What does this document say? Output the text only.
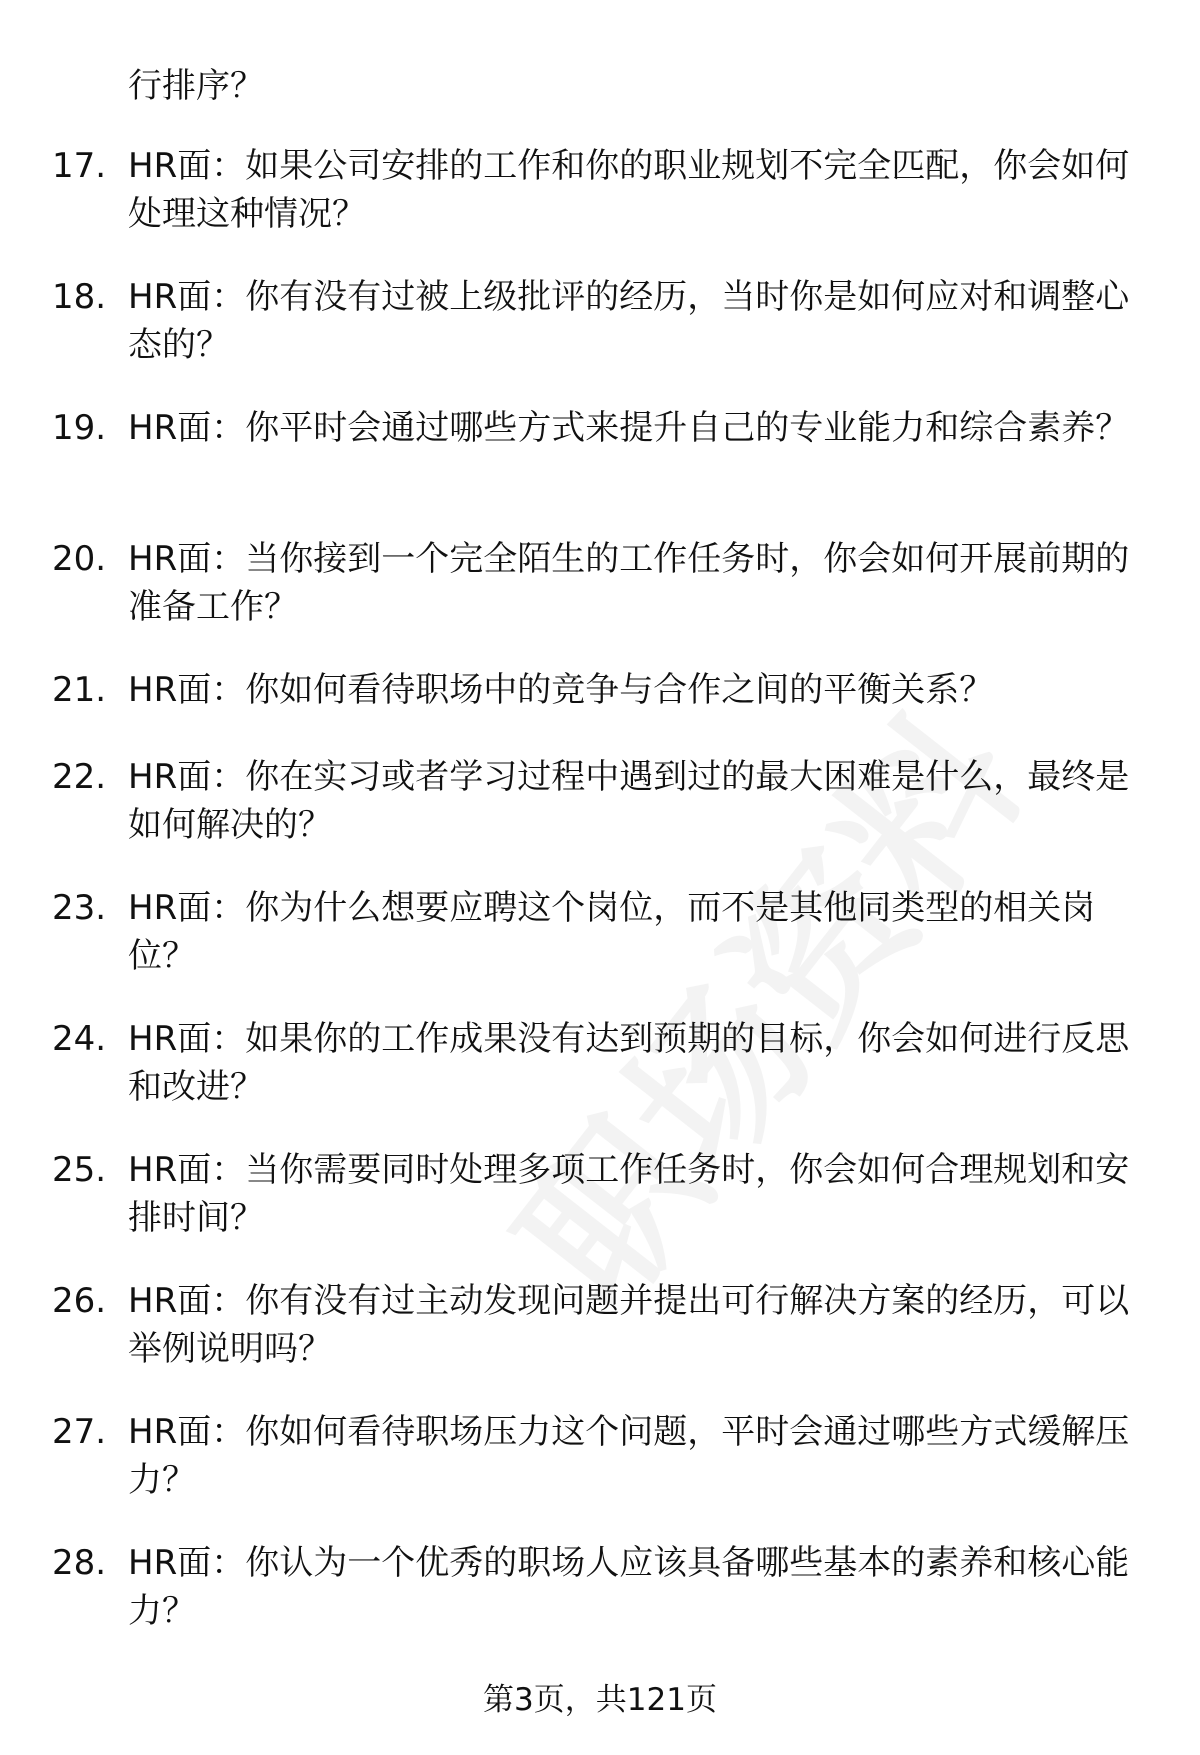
行排序？
17. HR面：如果公司安排的工作和你的职业规划不完全匹配，你会如何处理这种情况？
18. HR面：你有没有过被上级批评的经历，当时你是如何应对和调整心态的？
19. HR面：你平时会通过哪些方式来提升自己的专业能力和综合素养？
20. HR面：当你接到一个完全陌生的工作任务时，你会如何开展前期的准备工作？
21. HR面：你如何看待职场中的竞争与合作之间的平衡关系？
22. HR面：你在实习或者学习过程中遇到过的最大困难是什么，最终是如何解决的？
23. HR面：你为什么想要应聘这个岗位，而不是其他同类型的相关岗位？
24. HR面：如果你的工作成果没有达到预期的目标，你会如何进行反思和改进？
25. HR面：当你需要同时处理多项工作任务时，你会如何合理规划和安排时间？
26. HR面：你有没有过主动发现问题并提出可行解决方案的经历，可以举例说明吗？
27. HR面：你如何看待职场压力这个问题，平时会通过哪些方式缓解压力？
28. HR面：你认为一个优秀的职场人应该具备哪些基本的素养和核心能力？
第3页，共121页
